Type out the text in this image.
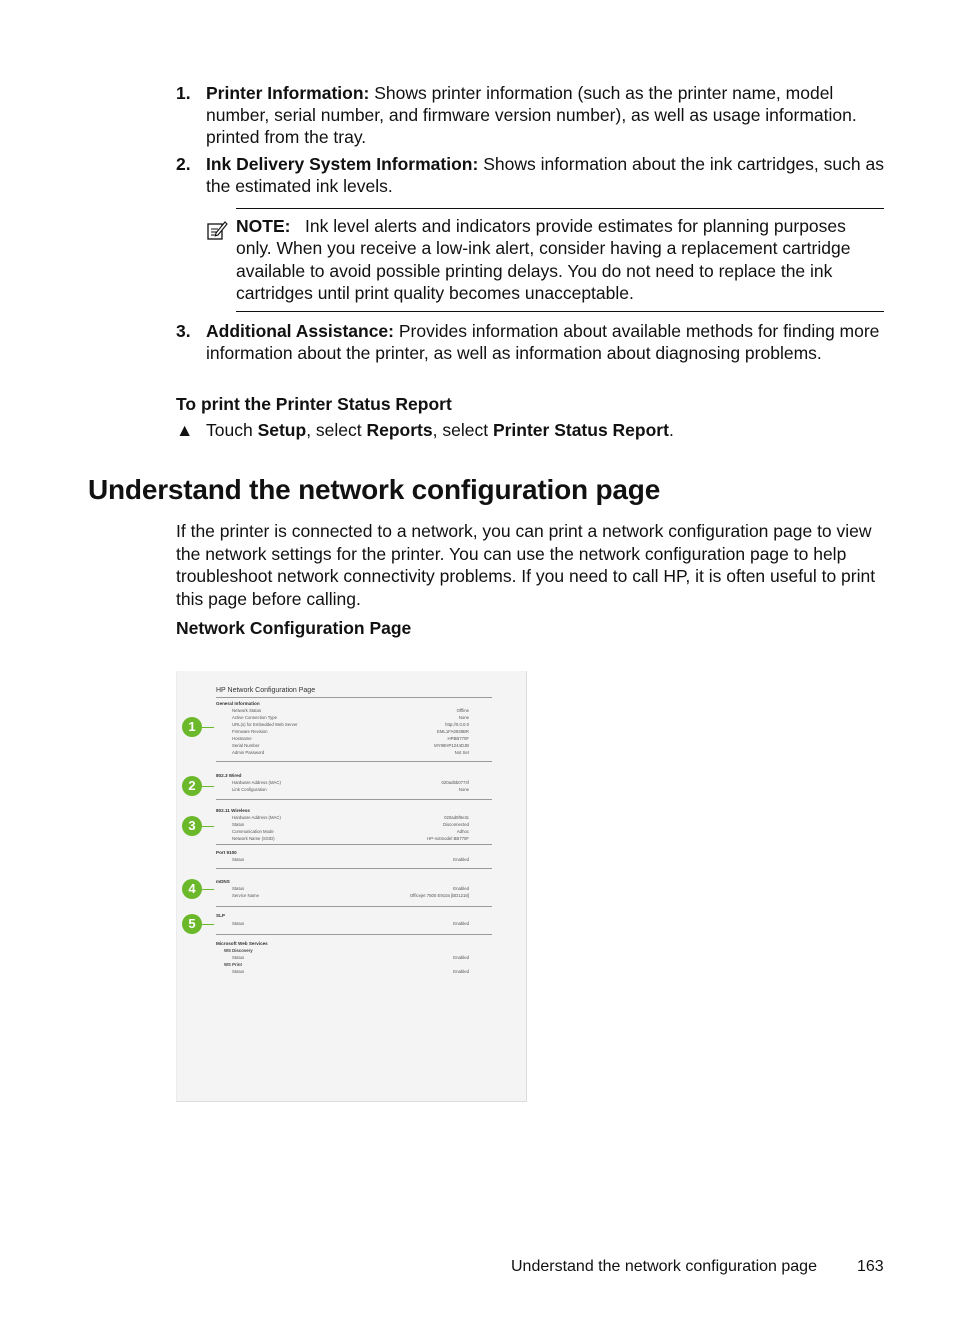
1. Printer Information: Shows printer information (such as the printer name, model number, serial number, and firmware version number), as well as usage information. printed from the tray.
2. Ink Delivery System Information: Shows information about the ink cartridges, such as the estimated ink levels.
NOTE: Ink level alerts and indicators provide estimates for planning purposes only. When you receive a low-ink alert, consider having a replacement cartridge available to avoid possible printing delays. You do not need to replace the ink cartridges until print quality becomes unacceptable.
3. Additional Assistance: Provides information about available methods for finding more information about the printer, as well as information about diagnosing problems.
To print the Printer Status Report
▲ Touch Setup, select Reports, select Printer Status Report.
Understand the network configuration page
If the printer is connected to a network, you can print a network configuration page to view the network settings for the printer. You can use the network configuration page to help troubleshoot network connectivity problems. If you need to call HP, it is often useful to print this page before calling.
Network Configuration Page
HP Network Configuration Page
General Information
Network Status	Offline
Active Connection Type	None
URL(s) for Embedded Web Server	http://0.0.0.0
Firmware Revision	EML1FA0938BR
Hostname	HPBB770F
Serial Number	MY98HP1244DJB
Admin Password	Not Set
802.3 Wired
Hardware Address (MAC)	020ad5b0774f
Link Configuration	None
802.11 Wireless
Hardware Address (MAC)	020ad5f9e3c
Status	Disconnected
Communication Mode	Adhoc
Network Name (SSID)	HP-notmodel BB770F
Port 9100
Status	Enabled
mDNS
Status	Enabled
Service Name	Officejet 7500 E910a [BD1218]
SLP
Status	Enabled
Microsoft Web Services
WS Discovery
Status	Enabled
WS Print
Status	Enabled
1
2
3
4
5
Understand the network configuration page	163
